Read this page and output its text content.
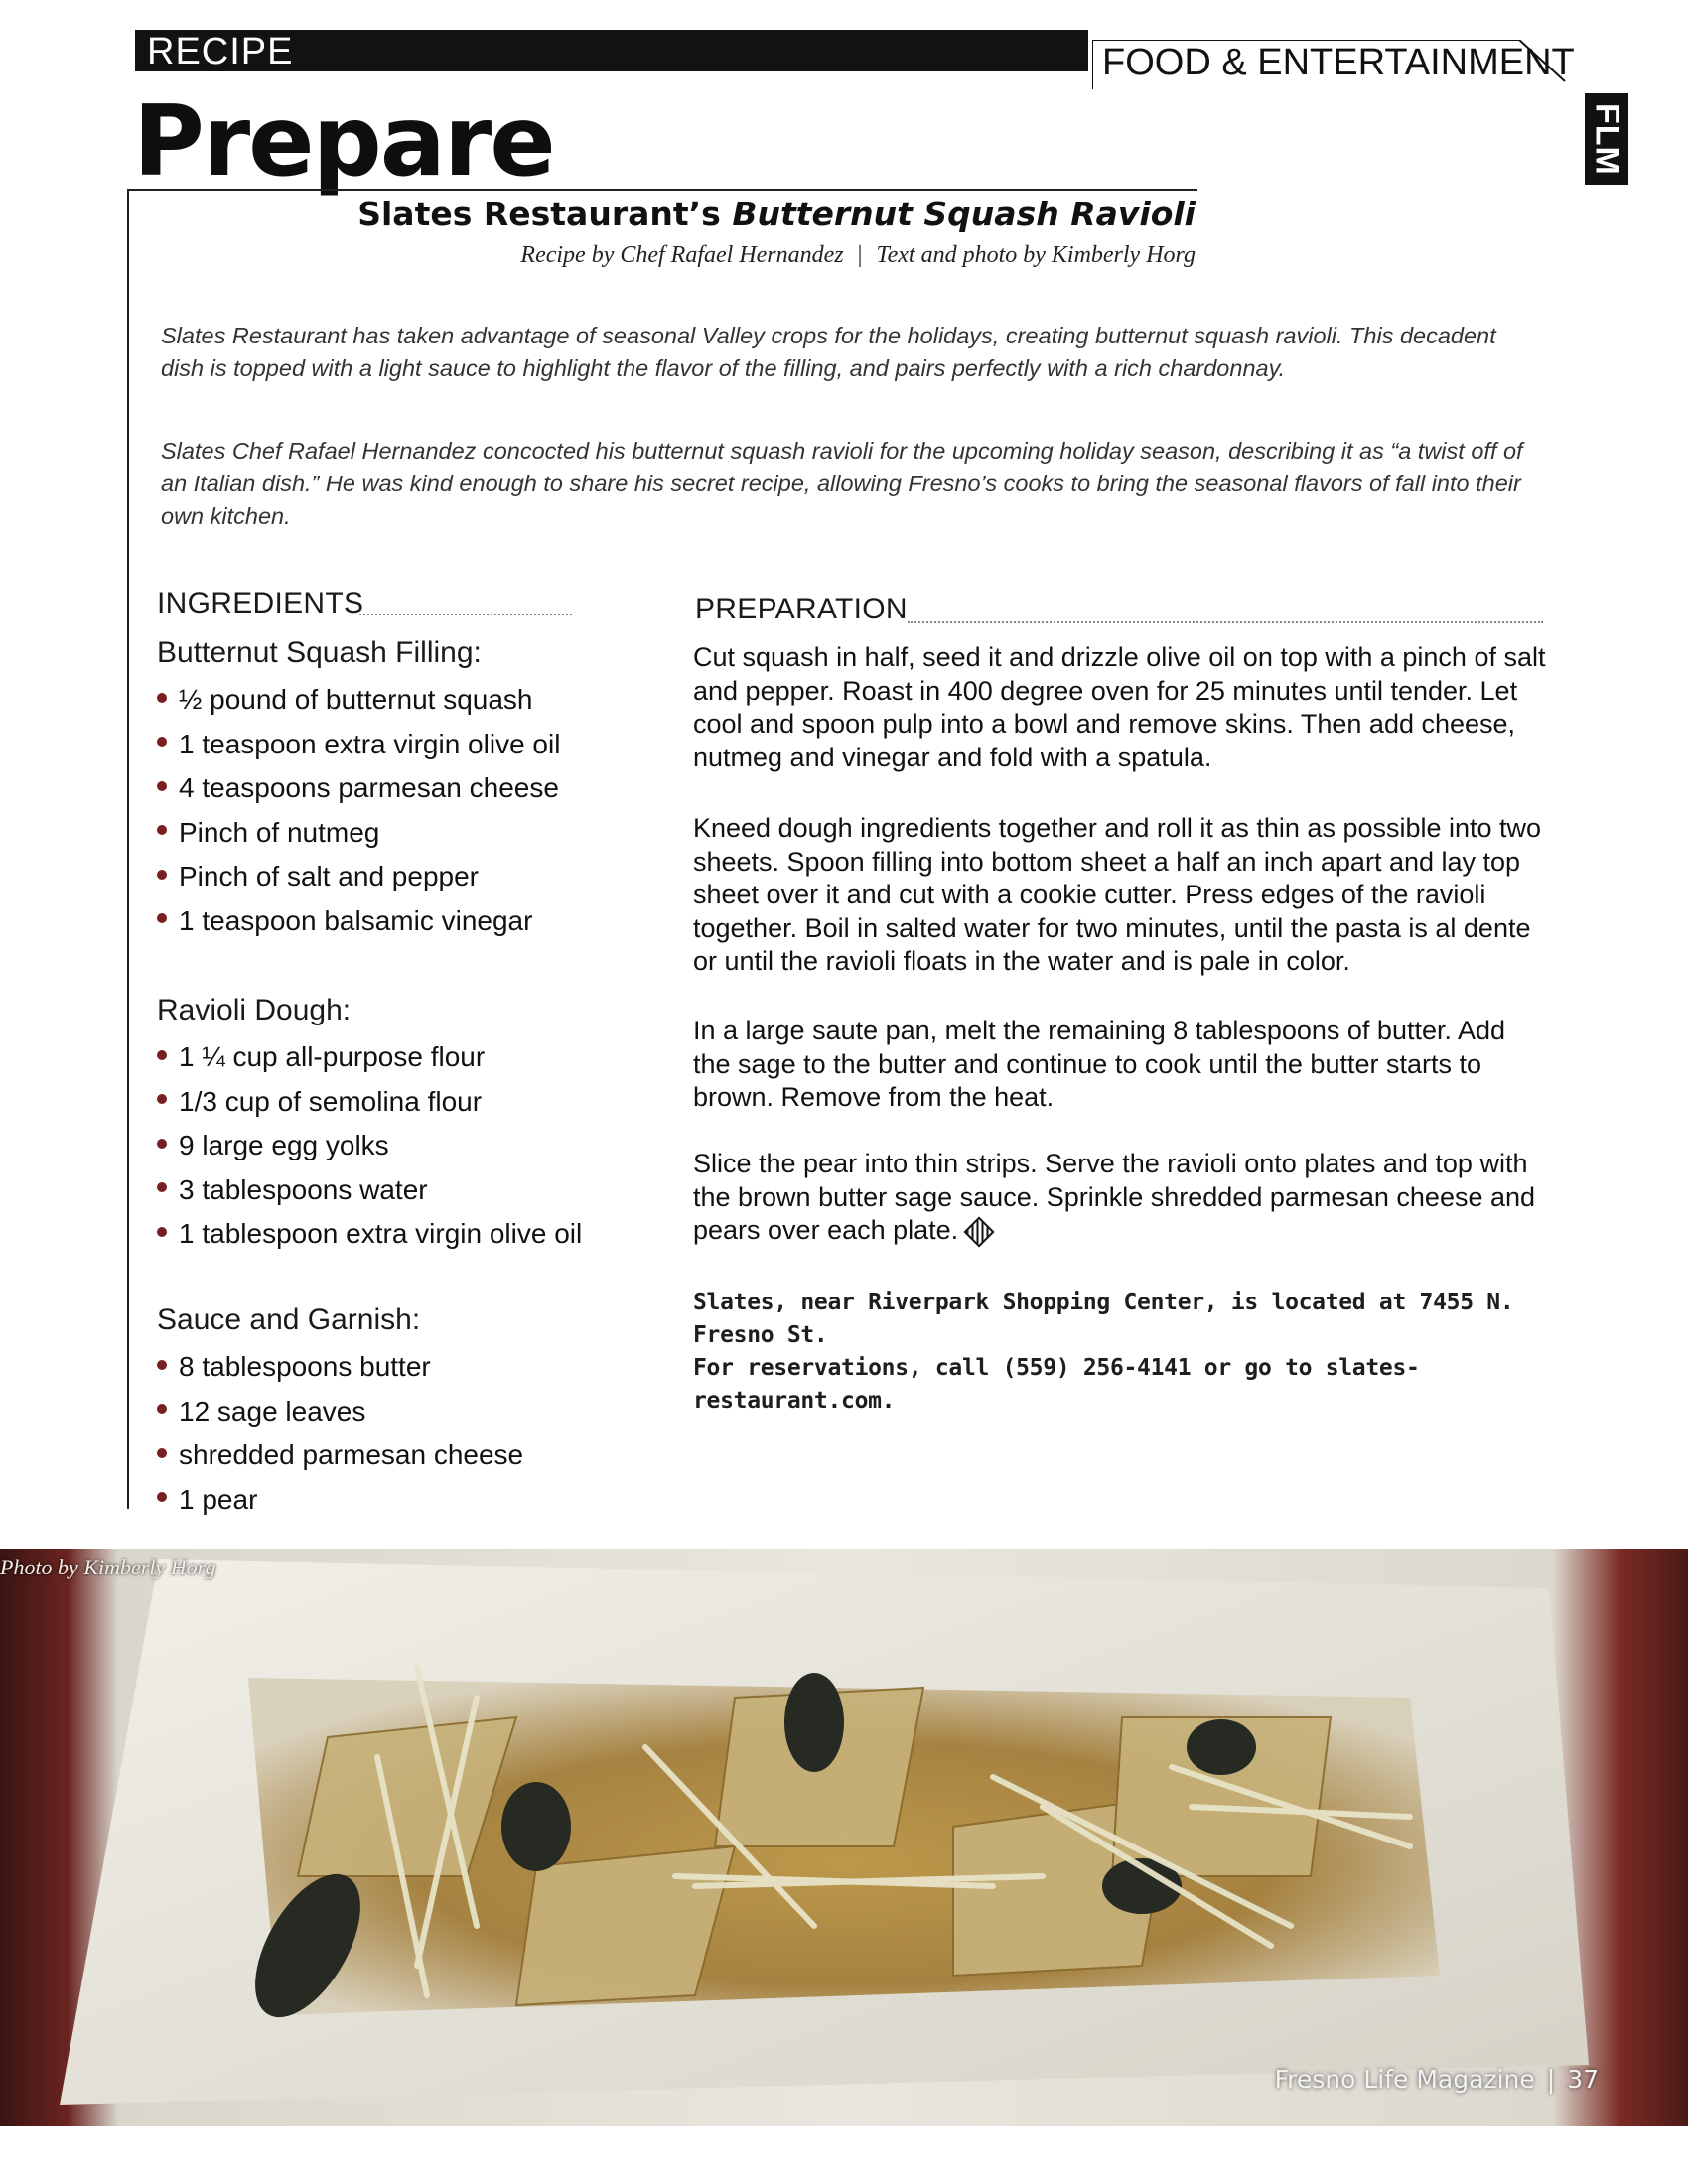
RECIPE	FOOD & ENTERTAINMENT
FLM
Prepare
Slates Restaurant’s Butternut Squash Ravioli
Recipe by Chef Rafael Hernandez | Text and photo by Kimberly Horg

Slates Restaurant has taken advantage of seasonal Valley crops for the holidays, creating butternut squash ravioli. This decadent dish is topped with a light sauce to highlight the flavor of the filling, and pairs perfectly with a rich chardonnay.

Slates Chef Rafael Hernandez concocted his butternut squash ravioli for the upcoming holiday season, describing it as “a twist off of an Italian dish.” He was kind enough to share his secret recipe, allowing Fresno’s cooks to bring the seasonal flavors of fall into their own kitchen.

INGREDIENTS
Butternut Squash Filling:
½ pound of butternut squash
1 teaspoon extra virgin olive oil
4 teaspoons parmesan cheese
Pinch of nutmeg
Pinch of salt and pepper
1 teaspoon balsamic vinegar
Ravioli Dough:
1 ¼ cup all-purpose flour
1/3 cup of semolina flour
9 large egg yolks
3 tablespoons water
1 tablespoon extra virgin olive oil
Sauce and Garnish:
8 tablespoons butter
12 sage leaves
shredded parmesan cheese
1 pear
PREPARATION

Cut squash in half, seed it and drizzle olive oil on top with a pinch of salt and pepper. Roast in 400 degree oven for 25 minutes until tender. Let cool and spoon pulp into a bowl and remove skins. Then add cheese, nutmeg and vinegar and fold with a spatula.

Kneed dough ingredients together and roll it as thin as possible into two sheets. Spoon filling into bottom sheet a half an inch apart and lay top sheet over it and cut with a cookie cutter. Press edges of the ravioli together. Boil in salted water for two minutes, until the pasta is al dente or until the ravioli floats in the water and is pale in color.

In a large saute pan, melt the remaining 8 tablespoons of butter. Add the sage to the butter and continue to cook until the butter starts to brown. Remove from the heat.

Slice the pear into thin strips. Serve the ravioli onto plates and top with the brown butter sage sauce. Sprinkle shredded parmesan cheese and pears over each plate.

Slates, near Riverpark Shopping Center, is located at 7455 N. Fresno St.
For reservations, call (559) 256-4141 or go to slates-restaurant.com.
Photo by Kimberly Horg
Fresno Life Magazine | 37
